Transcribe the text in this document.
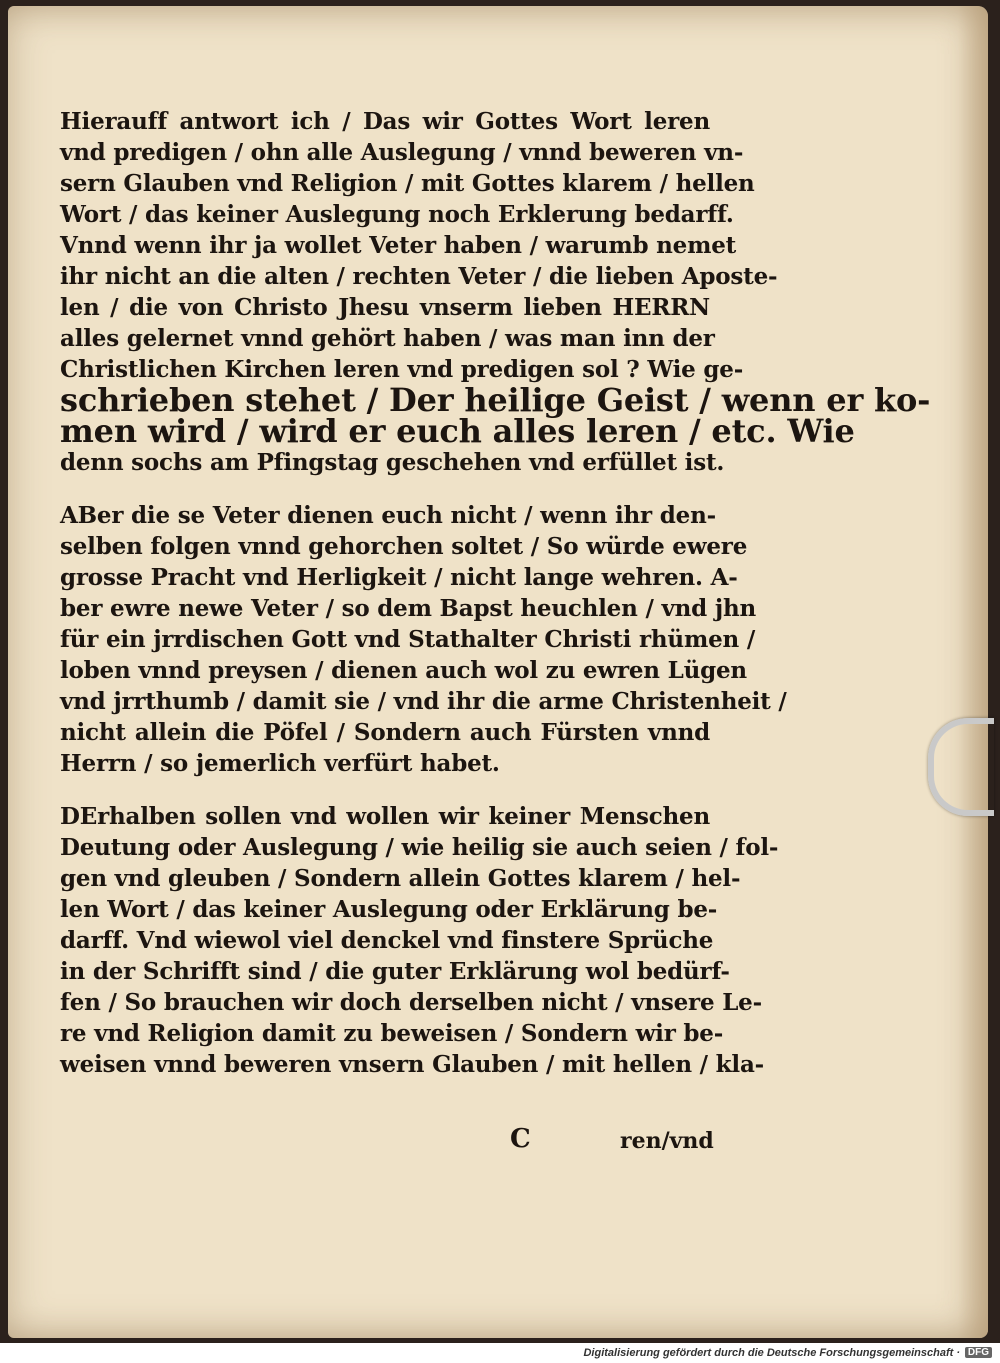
Hierauff antwort ich / Das wir Gottes Wort leren
vnd predigen / ohn alle Auslegung / vnnd beweren vn-
sern Glauben vnd Religion / mit Gottes klarem / hellen
Wort / das keiner Auslegung noch Erklerung bedarff.
Vnnd wenn ihr ja wollet Veter haben / warumb nemet
ihr nicht an die alten / rechten Veter / die lieben Aposte-
len / die von Christo Jhesu vnserm lieben HERRN
alles gelernet vnnd gehört haben / was man inn der
Christlichen Kirchen leren vnd predigen sol ? Wie ge-
schrieben stehet / Der heilige Geist / wenn er ko-
men wird / wird er euch alles leren / etc. Wie
denn sochs am Pfingstag geschehen vnd erfüllet ist.
ABer die se Veter dienen euch nicht / wenn ihr den-
selben folgen vnnd gehorchen soltet / So würde ewere
grosse Pracht vnd Herligkeit / nicht lange wehren. A-
ber ewre newe Veter / so dem Bapst heuchlen / vnd jhn
für ein jrrdischen Gott vnd Stathalter Christi rhümen /
loben vnnd preysen / dienen auch wol zu ewren Lügen
vnd jrrthumb / damit sie / vnd ihr die arme Christenheit /
nicht allein die Pöfel / Sondern auch Fürsten vnnd
Herrn / so jemerlich verfürt habet.
DErhalben sollen vnd wollen wir keiner Menschen
Deutung oder Auslegung / wie heilig sie auch seien / fol-
gen vnd gleuben / Sondern allein Gottes klarem / hel-
len Wort / das keiner Auslegung oder Erklärung be-
darff. Vnd wiewol viel denckel vnd finstere Sprüche
in der Schrifft sind / die guter Erklärung wol bedürf-
fen / So brauchen wir doch derselben nicht / vnsere Le-
re vnd Religion damit zu beweisen / Sondern wir be-
weisen vnnd beweren vnsern Glauben / mit hellen / kla-
C	ren/vnd
Digitalisierung gefördert durch die Deutsche Forschungsgemeinschaft · DFG
